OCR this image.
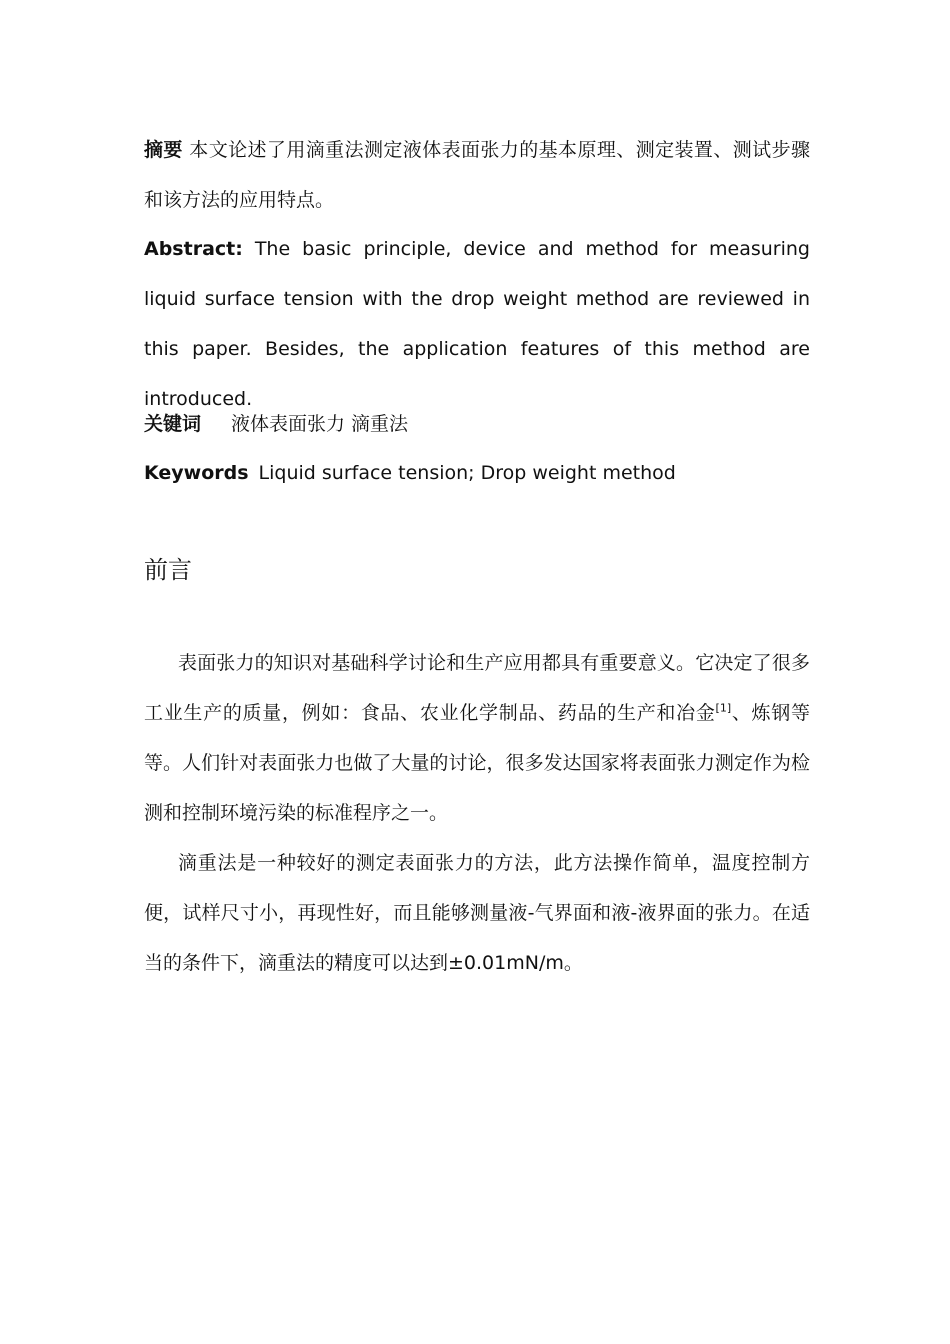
摘要 本文论述了用滴重法测定液体表面张力的基本原理、测定装置、测试步骤和该方法的应用特点。

Abstract: The basic principle, device and method for measuring liquid surface tension with the drop weight method are reviewed in this paper. Besides, the application features of this method are introduced.

关键词 液体表面张力 滴重法

Keywords Liquid surface tension; Drop weight method

前言

表面张力的知识对基础科学讨论和生产应用都具有重要意义。它决定了很多工业生产的质量，例如：食品、农业化学制品、药品的生产和冶金[1]、炼钢等等。人们针对表面张力也做了大量的讨论，很多发达国家将表面张力测定作为检测和控制环境污染的标准程序之一。

滴重法是一种较好的测定表面张力的方法，此方法操作简单，温度控制方便，试样尺寸小，再现性好，而且能够测量液-气界面和液-液界面的张力。在适当的条件下，滴重法的精度可以达到±0.01mN/m。
